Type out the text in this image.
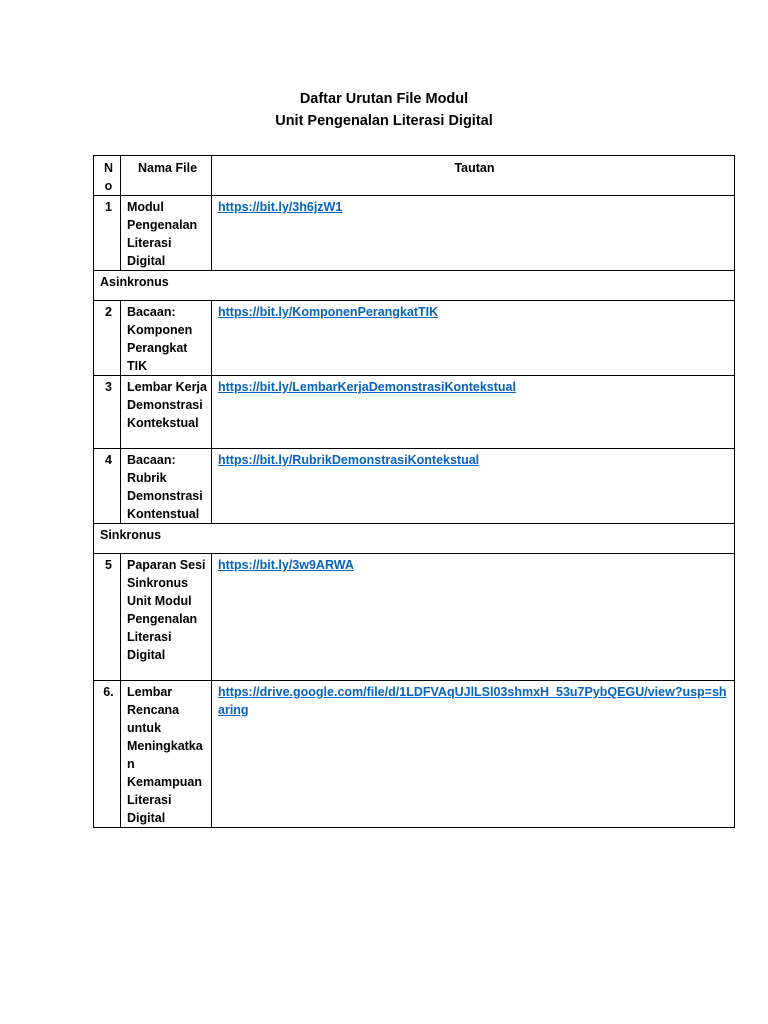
Daftar Urutan File Modul
Unit Pengenalan Literasi Digital
N o	Nama File	Tautan
1	Modul Pengenalan Literasi Digital	https://bit.ly/3h6jzW1
Asinkronus		
2	Bacaan: Komponen Perangkat TIK	https://bit.ly/KomponenPerangkatTIK
3	Lembar Kerja Demonstrasi Kontekstual	https://bit.ly/LembarKerjaDemonstrasiKontekstual
4	Bacaan: Rubrik Demonstrasi Kontenstual	https://bit.ly/RubrikDemonstrasiKontekstual
Sinkronus		
5	Paparan Sesi Sinkronus Unit Modul Pengenalan Literasi Digital	https://bit.ly/3w9ARWA
6.	Lembar Rencana untuk Meningkatkan Kemampuan Literasi Digital	https://drive.google.com/file/d/1LDFVAqUJlLSl03shmxH_53u7PybQEGU/view?usp=sharing
